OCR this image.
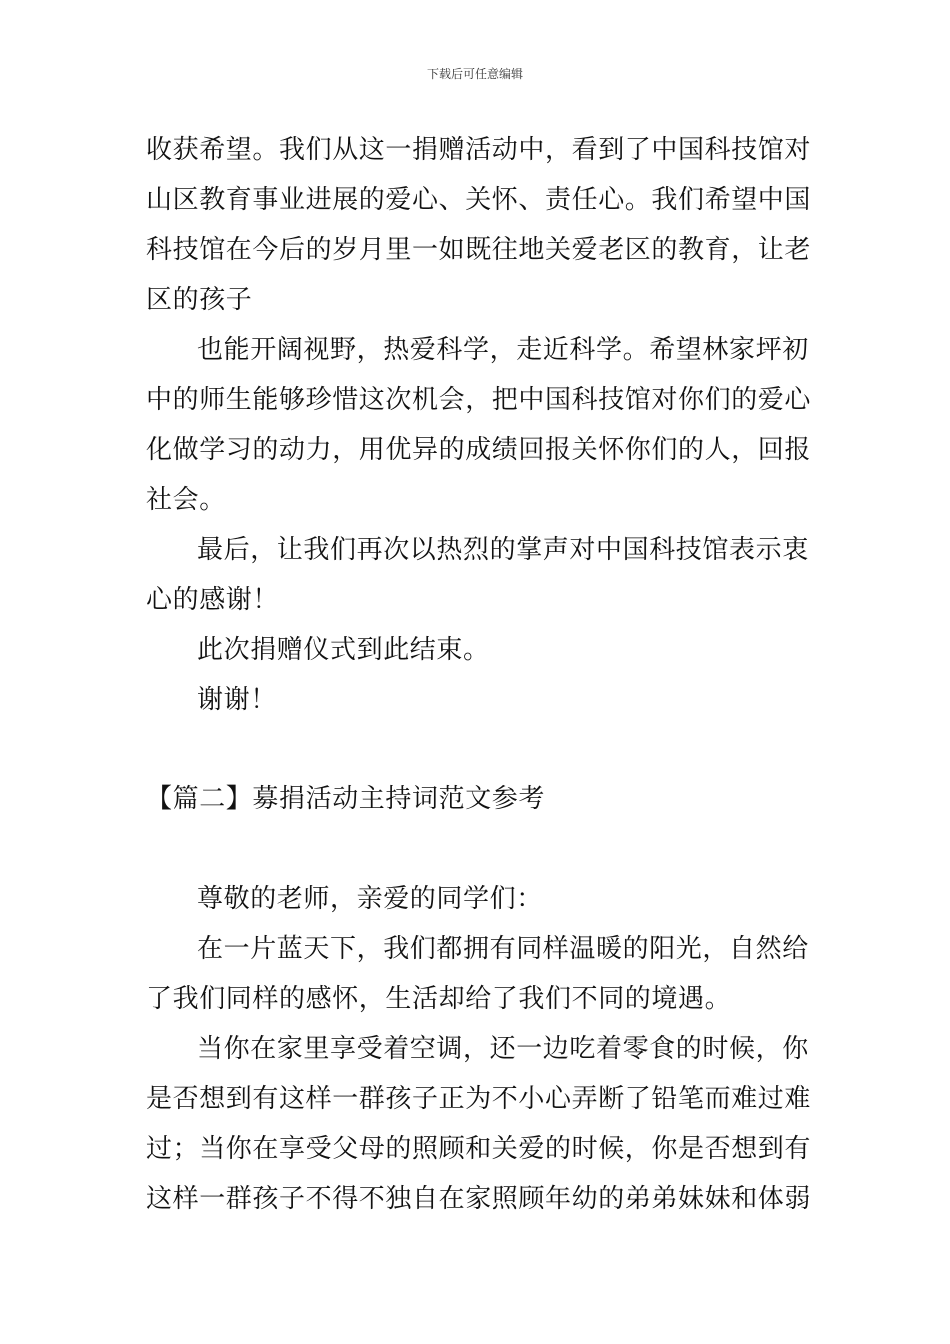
下载后可任意编辑
收获希望。我们从这一捐赠活动中，看到了中国科技馆对
山区教育事业进展的爱心、关怀、责任心。我们希望中国
科技馆在今后的岁月里一如既往地关爱老区的教育，让老
区的孩子
也能开阔视野，热爱科学，走近科学。希望林家坪初
中的师生能够珍惜这次机会，把中国科技馆对你们的爱心
化做学习的动力，用优异的成绩回报关怀你们的人，回报
社会。
最后，让我们再次以热烈的掌声对中国科技馆表示衷
心的感谢！
此次捐赠仪式到此结束。
谢谢！
【篇二】募捐活动主持词范文参考
尊敬的老师，亲爱的同学们：
在一片蓝天下，我们都拥有同样温暖的阳光，自然给
了我们同样的感怀，生活却给了我们不同的境遇。
当你在家里享受着空调，还一边吃着零食的时候，你
是否想到有这样一群孩子正为不小心弄断了铅笔而难过难
过；当你在享受父母的照顾和关爱的时候，你是否想到有
这样一群孩子不得不独自在家照顾年幼的弟弟妹妹和体弱
